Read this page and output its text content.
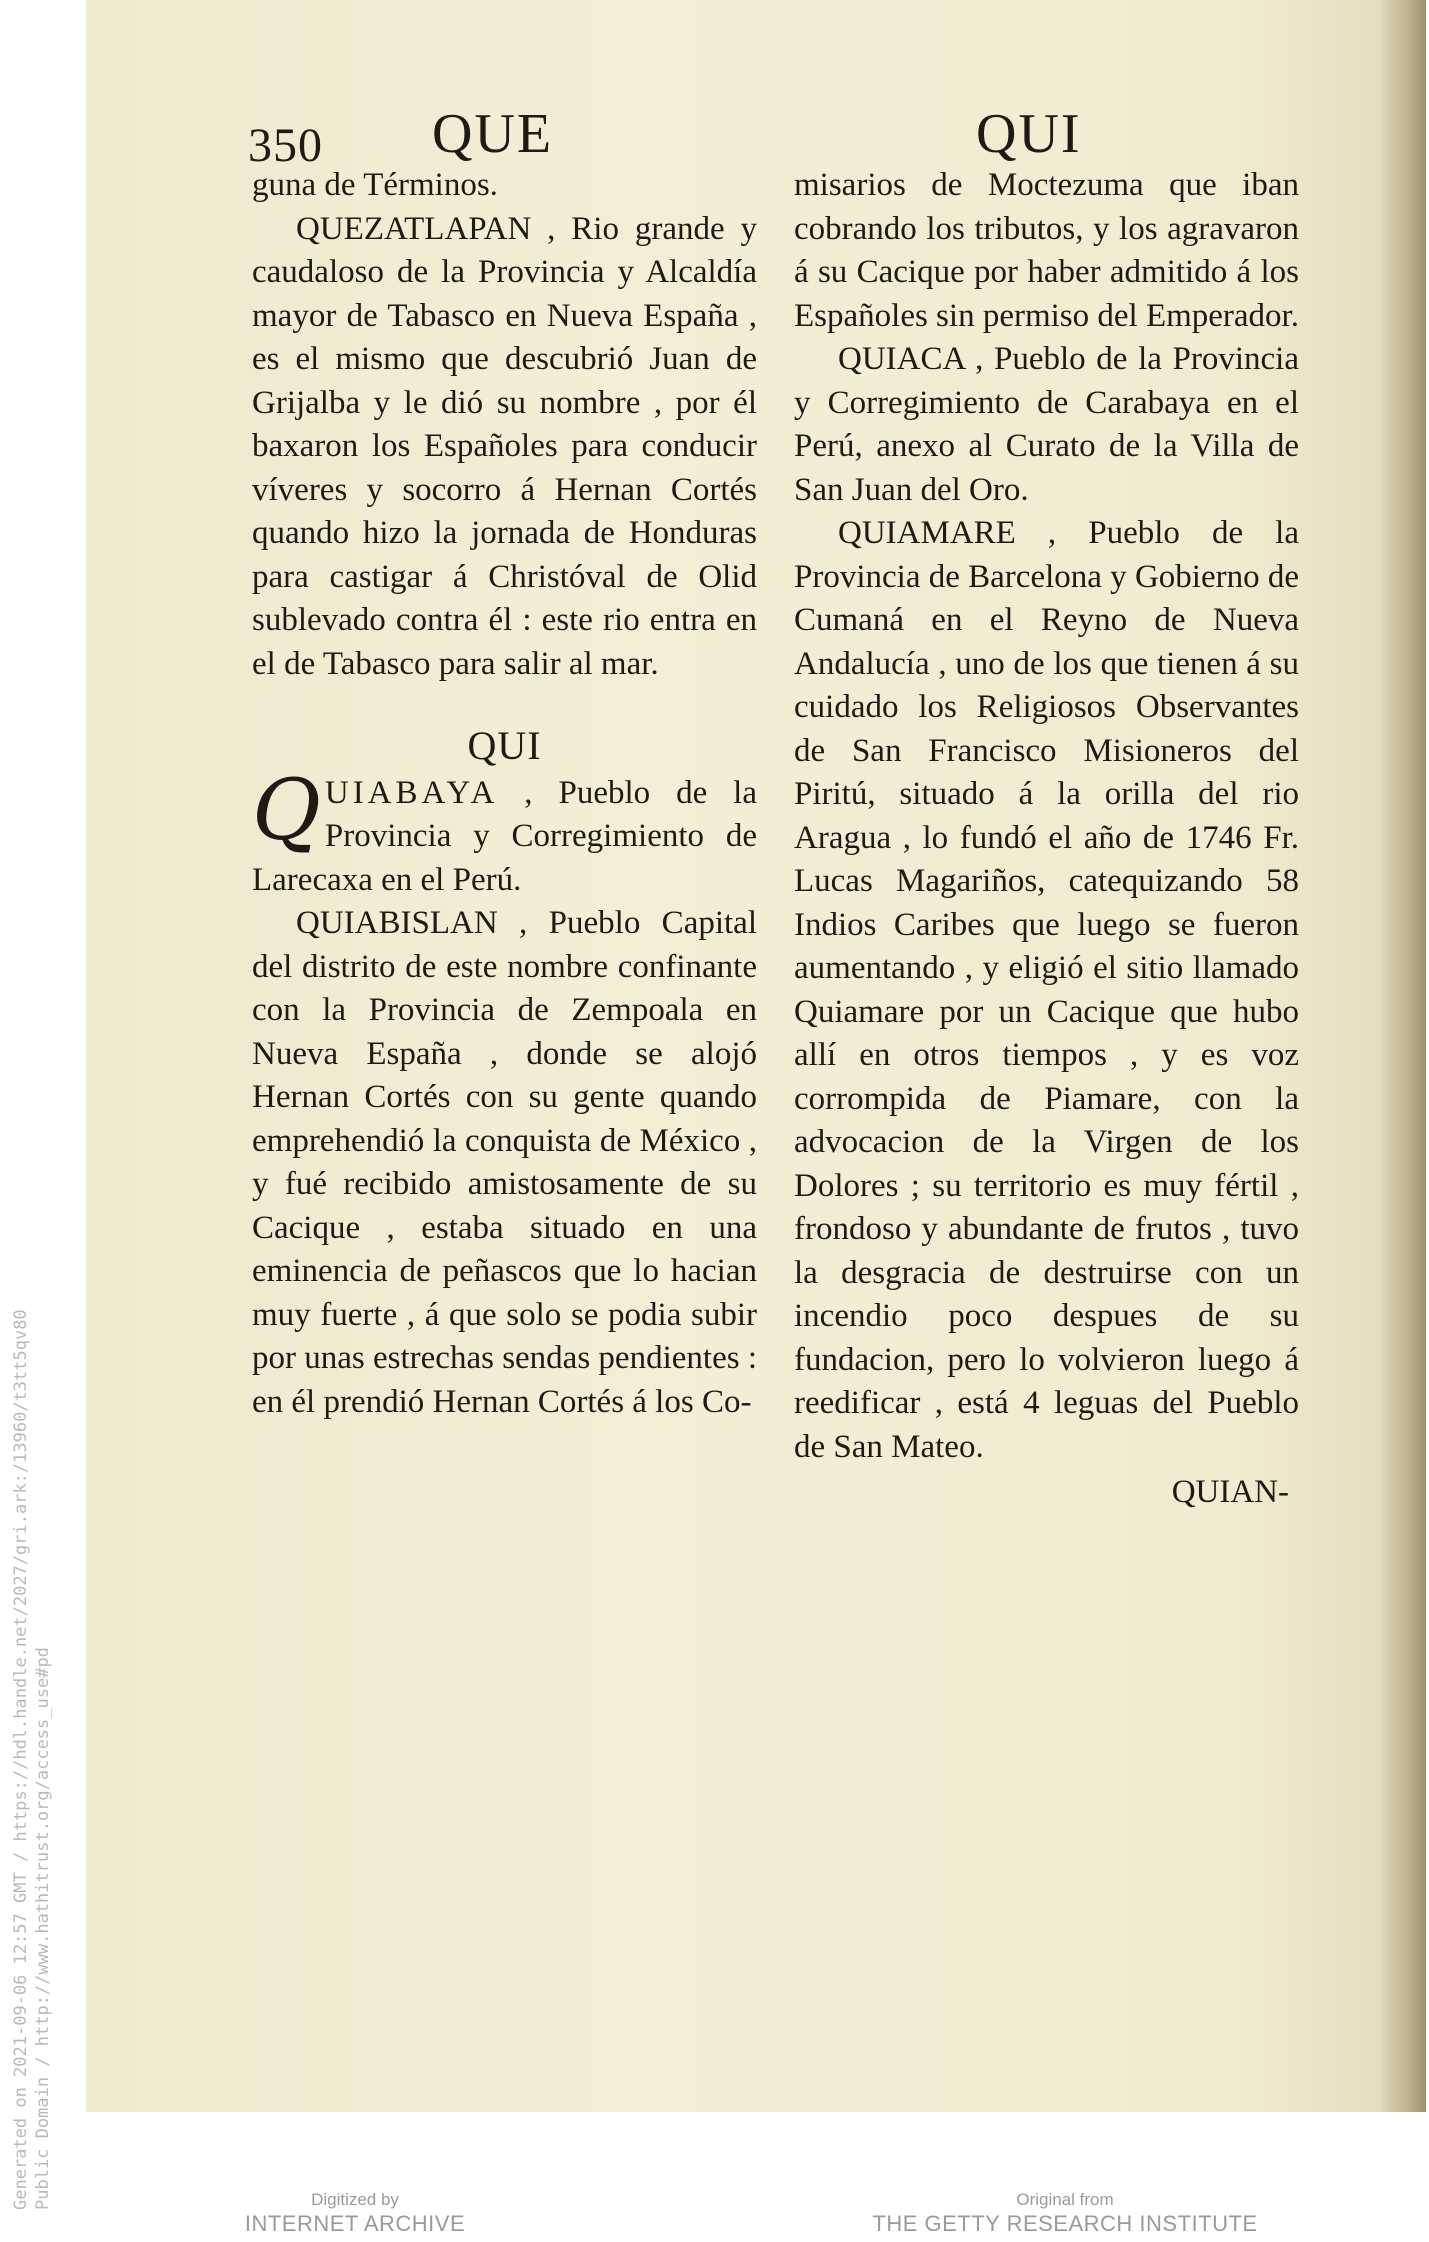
350 QUE	QUI

guna de Términos.

QUEZATLAPAN , Rio grande y caudaloso de la Provincia y Alcaldía mayor de Tabasco en Nueva España , es el mismo que descubrió Juan de Grijalba y le dió su nombre , por él baxaron los Españoles para conducir víveres y socorro á Hernan Cortés quando hizo la jornada de Honduras para castigar á Christóval de Olid sublevado contra él : este rio entra en el de Tabasco para salir al mar.

QUI

QUIABAYA , Pueblo de la Provincia y Corregimiento de Larecaxa en el Perú.

QUIABISLAN , Pueblo Capital del distrito de este nombre confinante con la Provincia de Zempoala en Nueva España , donde se alojó Hernan Cortés con su gente quando emprehendió la conquista de México , y fué recibido amistosamente de su Cacique , estaba situado en una eminencia de peñascos que lo hacian muy fuerte , á que solo se podia subir por unas estrechas sendas pendientes : en él prendió Hernan Cortés á los Co-

misarios de Moctezuma que iban cobrando los tributos, y los agravaron á su Cacique por haber admitido á los Españoles sin permiso del Emperador.

QUIACA , Pueblo de la Provincia y Corregimiento de Carabaya en el Perú, anexo al Curato de la Villa de San Juan del Oro.

QUIAMARE , Pueblo de la Provincia de Barcelona y Gobierno de Cumaná en el Reyno de Nueva Andalucía , uno de los que tienen á su cuidado los Religiosos Observantes de San Francisco Misioneros del Piritú, situado á la orilla del rio Aragua , lo fundó el año de 1746 Fr. Lucas Magariños, catequizando 58 Indios Caribes que luego se fueron aumentando , y eligió el sitio llamado Quiamare por un Cacique que hubo allí en otros tiempos , y es voz corrompida de Piamare, con la advocacion de la Virgen de los Dolores ; su territorio es muy fértil , frondoso y abundante de frutos , tuvo la desgracia de destruirse con un incendio poco despues de su fundacion, pero lo volvieron luego á reedificar , está 4 leguas del Pueblo de San Mateo.

QUIAN-

Generated on 2021-09-06 12:57 GMT / https://hdl.handle.net/2027/gri.ark:/13960/t3tt5qv80 Public Domain / http://www.hathitrust.org/access_use#pd	Digitized by
INTERNET ARCHIVE
Original from
THE GETTY RESEARCH INSTITUTE
